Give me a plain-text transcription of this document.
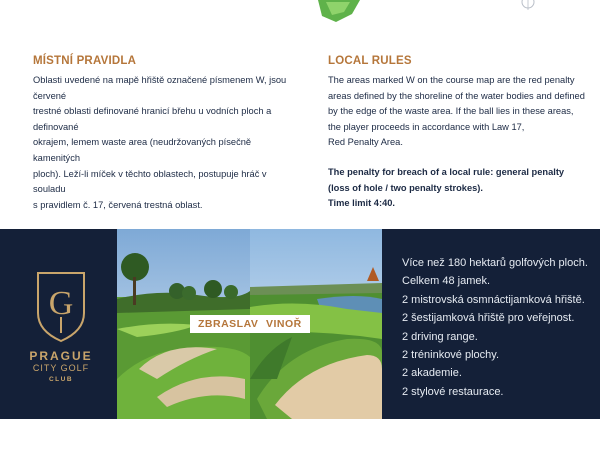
MÍSTNÍ PRAVIDLA

Oblasti uvedené na mapě hřiště označené písmenem W, jsou červené
trestné oblasti definované hranicí břehu u vodních ploch a definované
okrajem, lemem waste area (neudržovaných písečně kamenitých
ploch). Leží-li míček v těchto oblastech, postupuje hráč v souladu
s pravidlem č. 17, červená trestná oblast.

LOCAL RULES

The areas marked W on the course map are the red penalty
areas defined by the shoreline of the water bodies and defined
by the edge of the waste area. If the ball lies in these areas,
the player proceeds in accordance with Law 17,
Red Penalty Area.

The penalty for breach of a local rule: general penalty
(loss of hole / two penalty strokes).
Time limit 4:40.

G
PRAGUE
CITY GOLF
CLUB
ZBRASLAV VINOŘ
Více než 180 hektarů golfových ploch.
Celkem 48 jamek.
2 mistrovská osmnáctijamková hřiště.
2 šestijamková hřiště pro veřejnost.
2 driving range.
2 tréninkové plochy.
2 akademie.
2 stylové restaurace.
